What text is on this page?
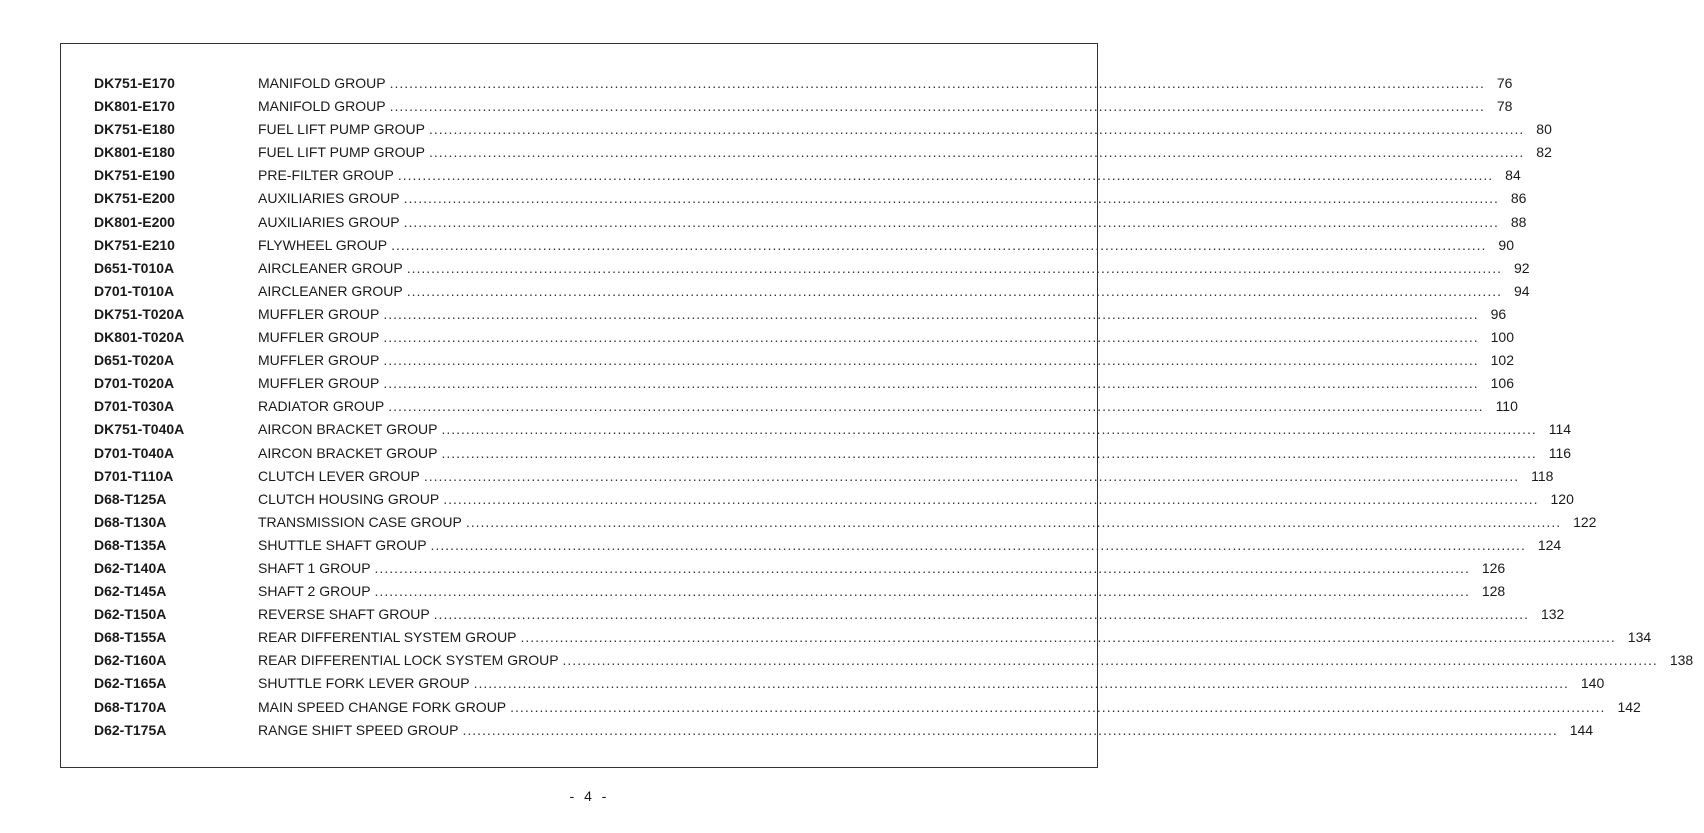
DK751-E170	MANIFOLD GROUP ................................................................................................................................................................................................................................ 76
DK801-E170	MANIFOLD GROUP ................................................................................................................................................................................................................................ 78
DK751-E180	FUEL LIFT PUMP GROUP ................................................................................................................................................................................................................................ 80
DK801-E180	FUEL LIFT PUMP GROUP ................................................................................................................................................................................................................................ 82
DK751-E190	PRE-FILTER GROUP ................................................................................................................................................................................................................................ 84
DK751-E200	AUXILIARIES GROUP ................................................................................................................................................................................................................................ 86
DK801-E200	AUXILIARIES GROUP ................................................................................................................................................................................................................................ 88
DK751-E210	FLYWHEEL GROUP ................................................................................................................................................................................................................................ 90
D651-T010A	AIRCLEANER GROUP ................................................................................................................................................................................................................................ 92
D701-T010A	AIRCLEANER GROUP ................................................................................................................................................................................................................................ 94
DK751-T020A	MUFFLER GROUP ................................................................................................................................................................................................................................ 96
DK801-T020A	MUFFLER GROUP ................................................................................................................................................................................................................................ 100
D651-T020A	MUFFLER GROUP ................................................................................................................................................................................................................................ 102
D701-T020A	MUFFLER GROUP ................................................................................................................................................................................................................................ 106
D701-T030A	RADIATOR GROUP ................................................................................................................................................................................................................................ 110
DK751-T040A	AIRCON BRACKET GROUP ................................................................................................................................................................................................................................ 114
D701-T040A	AIRCON BRACKET GROUP ................................................................................................................................................................................................................................ 116
D701-T110A	CLUTCH LEVER GROUP ................................................................................................................................................................................................................................ 118
D68-T125A	CLUTCH HOUSING GROUP ................................................................................................................................................................................................................................ 120
D68-T130A	TRANSMISSION CASE GROUP ................................................................................................................................................................................................................................ 122
D68-T135A	SHUTTLE SHAFT GROUP ................................................................................................................................................................................................................................ 124
D62-T140A	SHAFT 1 GROUP ................................................................................................................................................................................................................................ 126
D62-T145A	SHAFT 2 GROUP ................................................................................................................................................................................................................................ 128
D62-T150A	REVERSE SHAFT GROUP ................................................................................................................................................................................................................................ 132
D68-T155A	REAR DIFFERENTIAL SYSTEM GROUP ................................................................................................................................................................................................................................ 134
D62-T160A	REAR DIFFERENTIAL LOCK SYSTEM GROUP ................................................................................................................................................................................................................................ 138
D62-T165A	SHUTTLE FORK LEVER GROUP ................................................................................................................................................................................................................................ 140
D68-T170A	MAIN SPEED CHANGE FORK GROUP ................................................................................................................................................................................................................................ 142
D62-T175A	RANGE SHIFT SPEED GROUP ................................................................................................................................................................................................................................ 144
- 4 -
